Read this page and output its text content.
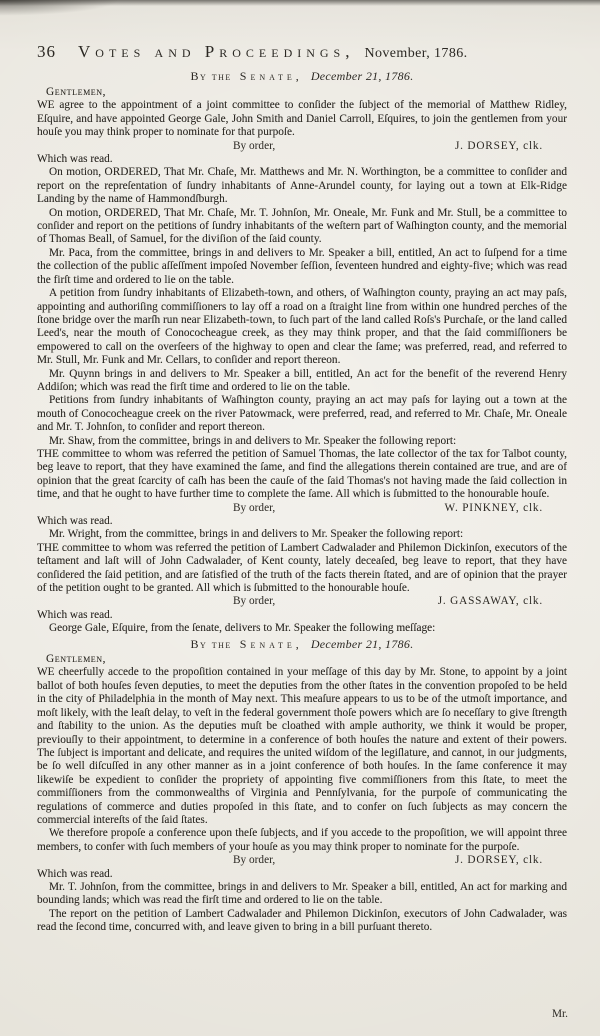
36 Votes and Proceedings, November, 1786.
By the Senate, December 21, 1786.

Gentlemen,

WE agree to the appointment of a joint committee to conſider the ſubject of the memorial of Matthew Ridley, Eſquire, and have appointed George Gale, John Smith and Daniel Carroll, Eſquires, to join the gentlemen from your houſe you may think proper to nominate for that purpoſe.

By order,	J. DORSEY, clk.

Which was read.

On motion, ORDERED, That Mr. Chaſe, Mr. Matthews and Mr. N. Worthington, be a committee to conſider and report on the repreſentation of ſundry inhabitants of Anne-Arundel county, for laying out a town at Elk-Ridge Landing by the name of Hammondſburgh.

On motion, ORDERED, That Mr. Chaſe, Mr. T. Johnſon, Mr. Oneale, Mr. Funk and Mr. Stull, be a committee to conſider and report on the petitions of ſundry inhabitants of the weſtern part of Waſhington county, and the memorial of Thomas Beall, of Samuel, for the diviſion of the ſaid county.

Mr. Paca, from the committee, brings in and delivers to Mr. Speaker a bill, entitled, An act to ſuſpend for a time the collection of the public aſſeſſment impoſed November ſeſſion, ſeventeen hundred and eighty-five; which was read the firſt time and ordered to lie on the table.

A petition from ſundry inhabitants of Elizabeth-town, and others, of Waſhington county, praying an act may paſs, appointing and authoriſing commiſſioners to lay off a road on a ſtraight line from within one hundred perches of the ſtone bridge over the marſh run near Elizabeth-town, to ſuch part of the land called Roſs's Purchaſe, or the land called Leed's, near the mouth of Conococheague creek, as they may think proper, and that the ſaid commiſſioners be empowered to call on the overſeers of the highway to open and clear the ſame; was preferred, read, and referred to Mr. Stull, Mr. Funk and Mr. Cellars, to conſider and report thereon.

Mr. Quynn brings in and delivers to Mr. Speaker a bill, entitled, An act for the benefit of the reverend Henry Addiſon; which was read the firſt time and ordered to lie on the table.

Petitions from ſundry inhabitants of Waſhington county, praying an act may paſs for laying out a town at the mouth of Conococheague creek on the river Patowmack, were preferred, read, and referred to Mr. Chaſe, Mr. Oneale and Mr. T. Johnſon, to conſider and report thereon.

Mr. Shaw, from the committee, brings in and delivers to Mr. Speaker the following report:

THE committee to whom was referred the petition of Samuel Thomas, the late collector of the tax for Talbot county, beg leave to report, that they have examined the ſame, and find the allegations therein contained are true, and are of opinion that the great ſcarcity of caſh has been the cauſe of the ſaid Thomas's not having made the ſaid collection in time, and that he ought to have further time to complete the ſame. All which is ſubmitted to the honourable houſe.

By order,	W. PINKNEY, clk.

Which was read.

Mr. Wright, from the committee, brings in and delivers to Mr. Speaker the following report:

THE committee to whom was referred the petition of Lambert Cadwalader and Philemon Dickinſon, executors of the teſtament and laſt will of John Cadwalader, of Kent county, lately deceaſed, beg leave to report, that they have conſidered the ſaid petition, and are ſatisfied of the truth of the facts therein ſtated, and are of opinion that the prayer of the petition ought to be granted. All which is ſubmitted to the honourable houſe.

By order,	J. GASSAWAY, clk.

Which was read.

George Gale, Eſquire, from the ſenate, delivers to Mr. Speaker the following meſſage:

By the Senate, December 21, 1786.

Gentlemen,

WE cheerfully accede to the propoſition contained in your meſſage of this day by Mr. Stone, to appoint by a joint ballot of both houſes ſeven deputies, to meet the deputies from the other ſtates in the convention propoſed to be held in the city of Philadelphia in the month of May next. This meaſure appears to us to be of the utmoſt importance, and moſt likely, with the leaſt delay, to veſt in the federal government thoſe powers which are ſo neceſſary to give ſtrength and ſtability to the union. As the deputies muſt be cloathed with ample authority, we think it would be proper, previouſly to their appointment, to determine in a conference of both houſes the nature and extent of their powers. The ſubject is important and delicate, and requires the united wiſdom of the legiſlature, and cannot, in our judgments, be ſo well diſcuſſed in any other manner as in a joint conference of both houſes. In the ſame conference it may likewiſe be expedient to conſider the propriety of appointing five commiſſioners from this ſtate, to meet the commiſſioners from the commonwealths of Virginia and Pennſylvania, for the purpoſe of communicating the regulations of commerce and duties propoſed in this ſtate, and to confer on ſuch ſubjects as may concern the commercial intereſts of the ſaid ſtates.

We therefore propoſe a conference upon theſe ſubjects, and if you accede to the propoſition, we will appoint three members, to confer with ſuch members of your houſe as you may think proper to nominate for the purpoſe.

By order,	J. DORSEY, clk.

Which was read.

Mr. T. Johnſon, from the committee, brings in and delivers to Mr. Speaker a bill, entitled, An act for marking and bounding lands; which was read the firſt time and ordered to lie on the table.

The report on the petition of Lambert Cadwalader and Philemon Dickinſon, executors of John Cadwalader, was read the ſecond time, concurred with, and leave given to bring in a bill purſuant thereto.

Mr.
